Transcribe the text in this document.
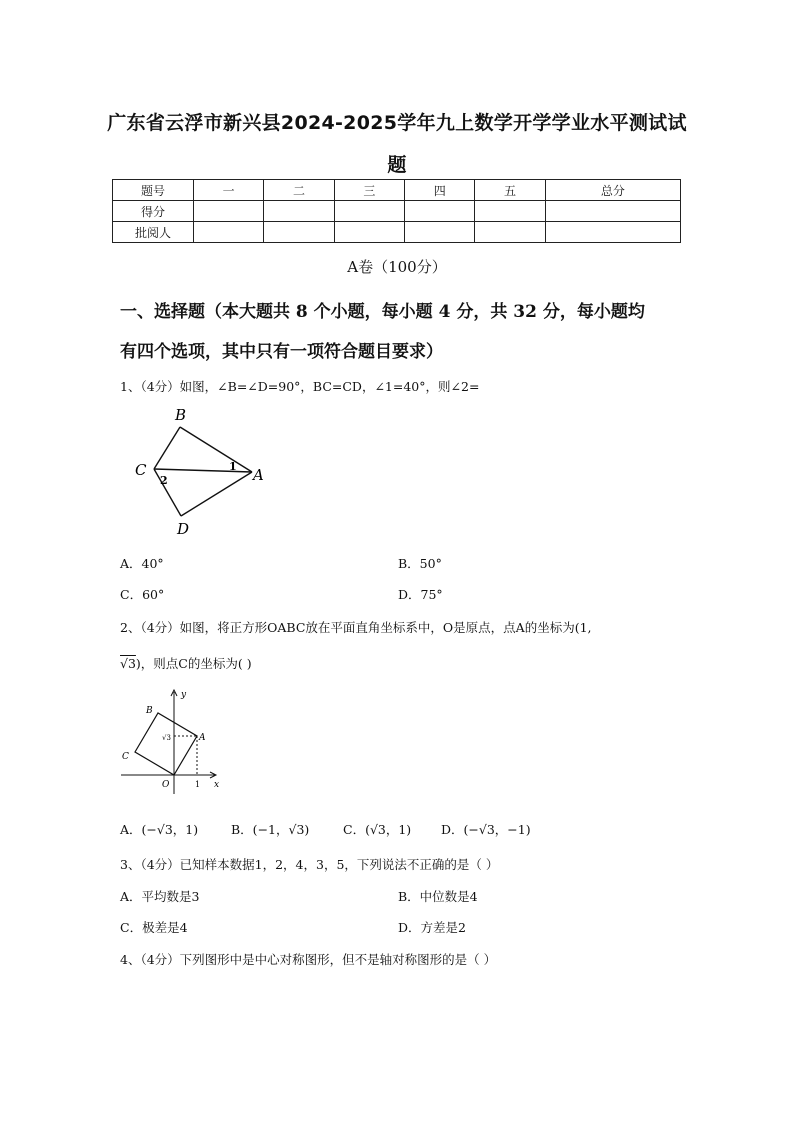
广东省云浮市新兴县2024-2025学年九上数学开学学业水平测试试
题
题号	一	二	三	四	五	总分
得分						
批阅人						
A卷（100分）
一、选择题（本大题共 8 个小题，每小题 4 分，共 32 分，每小题均
有四个选项，其中只有一项符合题目要求）
1、（4分）如图，∠B=∠D=90°，BC=CD，∠1=40°，则∠2=
B
C	A
D
1
2
A．40°	B．50°
C．60°	D．75°
2、（4分）如图，将正方形OABC放在平面直角坐标系中，O是原点，点A的坐标为(1,
√3)，则点C的坐标为( )
y
x
B
A
C
O	1
√3
A．(−√3，1)	B．(−1，√3)	C．(√3，1) D．(−√3，−1)
3、（4分）已知样本数据1，2，4，3，5，下列说法不正确的是（ ）
A．平均数是3	B．中位数是4
C．极差是4	D．方差是2
4、（4分）下列图形中是中心对称图形，但不是轴对称图形的是（ ）
